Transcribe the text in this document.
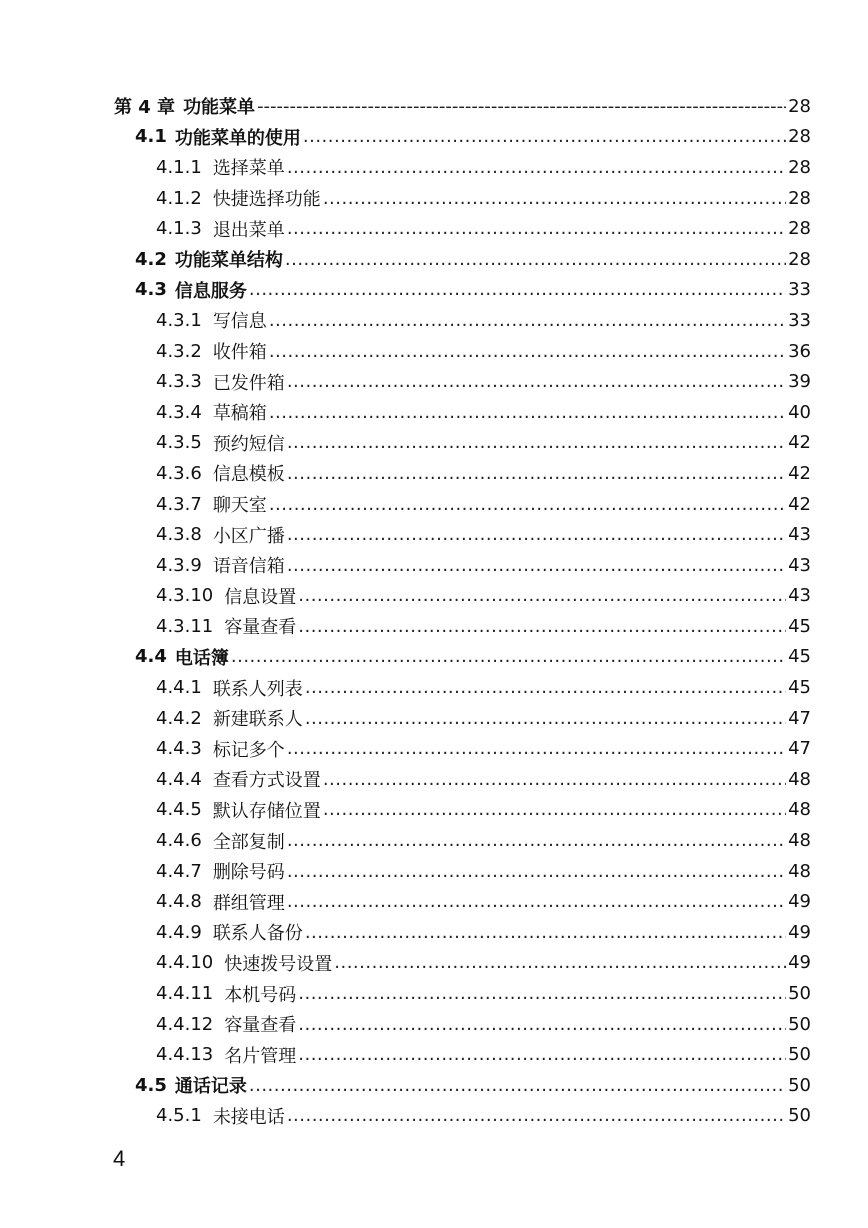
第 4 章 功能菜单 -----	28
4.1 功能菜单的使用 .....	28
4.1.1 选择菜单 .....	28
4.1.2 快捷选择功能 .....	28
4.1.3 退出菜单 .....	28
4.2 功能菜单结构 .....	28
4.3 信息服务 .....	33
4.3.1 写信息 .....	33
4.3.2 收件箱 .....	36
4.3.3 已发件箱 .....	39
4.3.4 草稿箱 .....	40
4.3.5 预约短信 .....	42
4.3.6 信息模板 .....	42
4.3.7 聊天室 .....	42
4.3.8 小区广播 .....	43
4.3.9 语音信箱 .....	43
4.3.10 信息设置 .....	43
4.3.11 容量查看 .....	45
4.4 电话簿 .....	45
4.4.1 联系人列表 .....	45
4.4.2 新建联系人 .....	47
4.4.3 标记多个 .....	47
4.4.4 查看方式设置 .....	48
4.4.5 默认存储位置 .....	48
4.4.6 全部复制 .....	48
4.4.7 删除号码 .....	48
4.4.8 群组管理 .....	49
4.4.9 联系人备份 .....	49
4.4.10 快速拨号设置 .....	49
4.4.11 本机号码 .....	50
4.4.12 容量查看 .....	50
4.4.13 名片管理 .....	50
4.5 通话记录 .....	50
4.5.1 未接电话 .....	50
4
